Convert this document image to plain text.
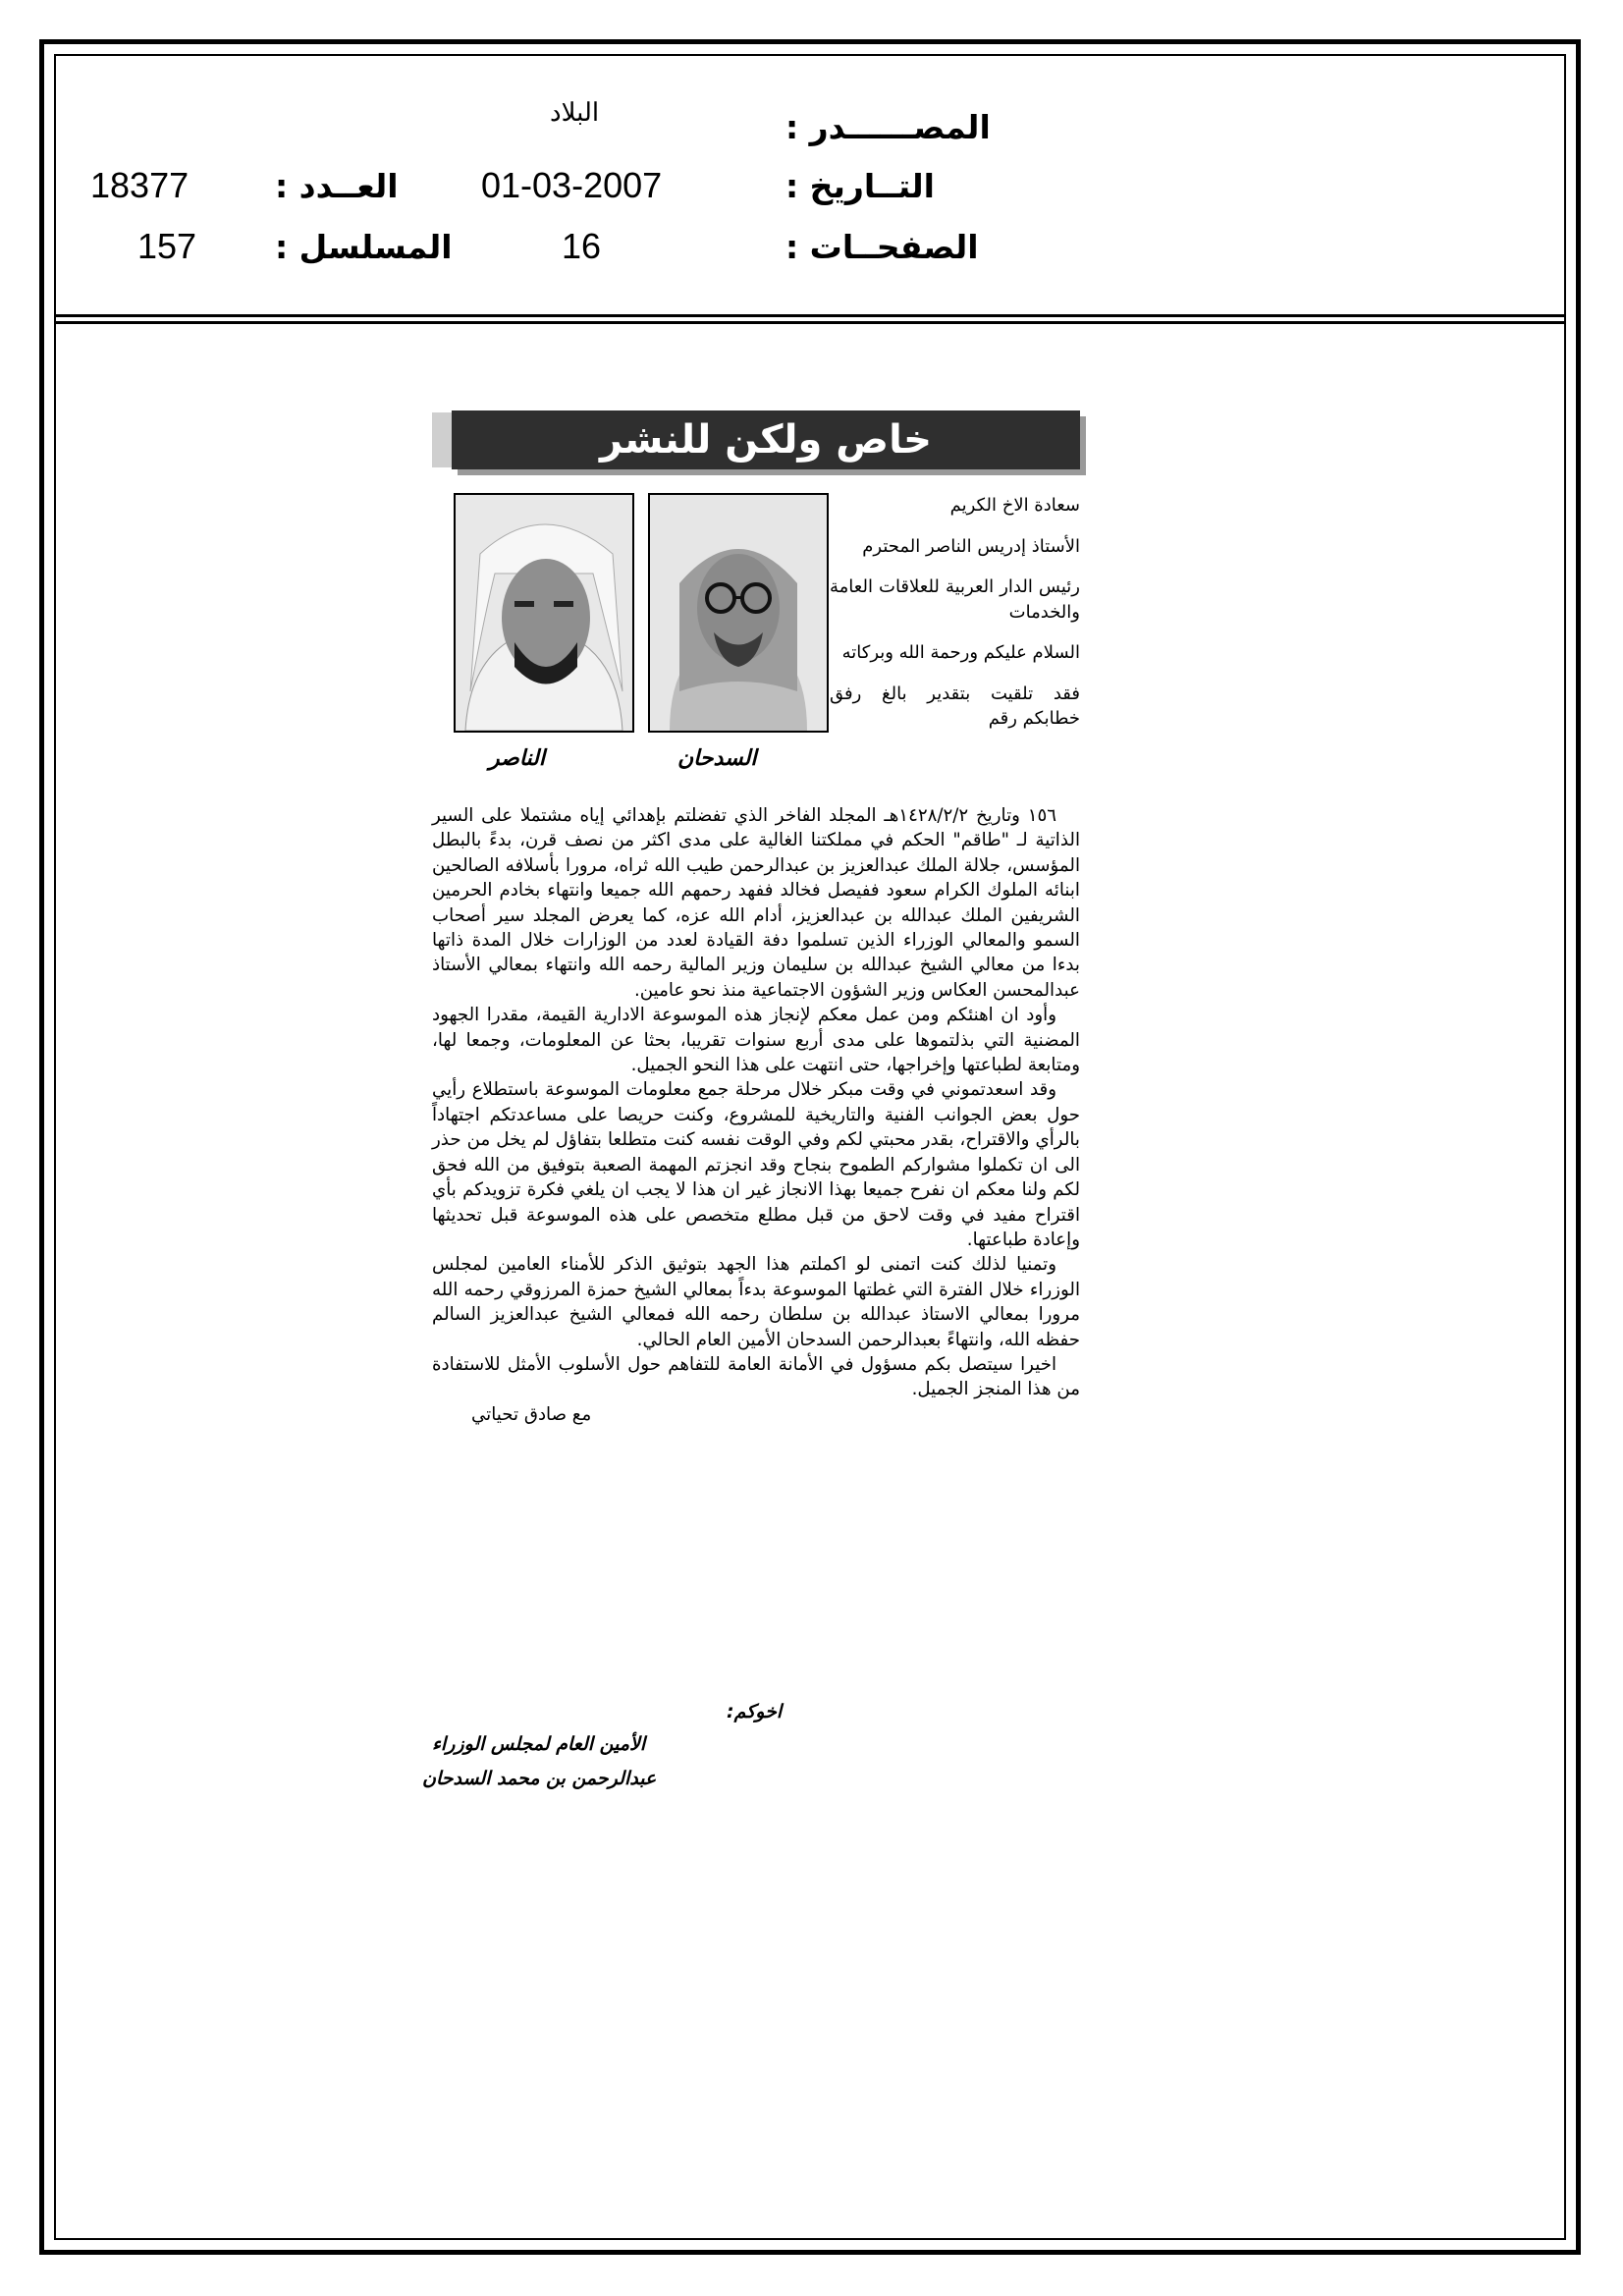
المصــــــدر :
البلاد
التــاريخ :
01-03-2007
العــدد :
18377
الصفحــات :
16
المسلسل :
157
خاص ولكن للنشر
السدحان
الناصر

سعادة الاخ الكريم

الأستاذ إدريس الناصر المحترم

رئيس الدار العربية للعلاقات العامة والخدمات

السلام عليكم ورحمة الله وبركاته

فقد تلقيت بتقدير بالغ رفق خطابكم رقم

١٥٦ وتاريخ ١٤٢٨/٢/٢هـ المجلد الفاخر الذي تفضلتم بإهدائي إياه مشتملا على السير الذاتية لـ "طاقم" الحكم في مملكتنا الغالية على مدى اكثر من نصف قرن، بدءً بالبطل المؤسس، جلالة الملك عبدالعزيز بن عبدالرحمن طيب الله ثراه، مرورا بأسلافه الصالحين ابنائه الملوك الكرام سعود ففيصل فخالد ففهد رحمهم الله جميعا وانتهاء بخادم الحرمين الشريفين الملك عبدالله بن عبدالعزيز، أدام الله عزه، كما يعرض المجلد سير أصحاب السمو والمعالي الوزراء الذين تسلموا دفة القيادة لعدد من الوزارات خلال المدة ذاتها بدءا من معالي الشيخ عبدالله بن سليمان وزير المالية رحمه الله وانتهاء بمعالي الأستاذ عبدالمحسن العكاس وزير الشؤون الاجتماعية منذ نحو عامين.

وأود ان اهنئكم ومن عمل معكم لإنجاز هذه الموسوعة الادارية القيمة، مقدرا الجهود المضنية التي بذلتموها على مدى أربع سنوات تقريبا، بحثا عن المعلومات، وجمعا لها، ومتابعة لطباعتها وإخراجها، حتى انتهت على هذا النحو الجميل.

وقد اسعدتموني في وقت مبكر خلال مرحلة جمع معلومات الموسوعة باستطلاع رأيي حول بعض الجوانب الفنية والتاريخية للمشروع، وكنت حريصا على مساعدتكم اجتهاداً بالرأي والاقتراح، بقدر محبتي لكم وفي الوقت نفسه كنت متطلعا بتفاؤل لم يخل من حذر الى ان تكملوا مشواركم الطموح بنجاح وقد انجزتم المهمة الصعبة بتوفيق من الله فحق لكم ولنا معكم ان نفرح جميعا بهذا الانجاز غير ان هذا لا يجب ان يلغي فكرة تزويدكم بأي اقتراح مفيد في وقت لاحق من قبل مطلع متخصص على هذه الموسوعة قبل تحديثها وإعادة طباعتها.

وتمنيا لذلك كنت اتمنى لو اكملتم هذا الجهد بتوثيق الذكر للأمناء العامين لمجلس الوزراء خلال الفترة التي غطتها الموسوعة بدءاً بمعالي الشيخ حمزة المرزوقي رحمه الله مرورا بمعالي الاستاذ عبدالله بن سلطان رحمه الله فمعالي الشيخ عبدالعزيز السالم حفظه الله، وانتهاءً بعبدالرحمن السدحان الأمين العام الحالي.

اخيرا سيتصل بكم مسؤول في الأمانة العامة للتفاهم حول الأسلوب الأمثل للاستفادة من هذا المنجز الجميل.

مع صادق تحياتي

اخوكم:
الأمين العام لمجلس الوزراء
عبدالرحمن بن محمد السدحان
